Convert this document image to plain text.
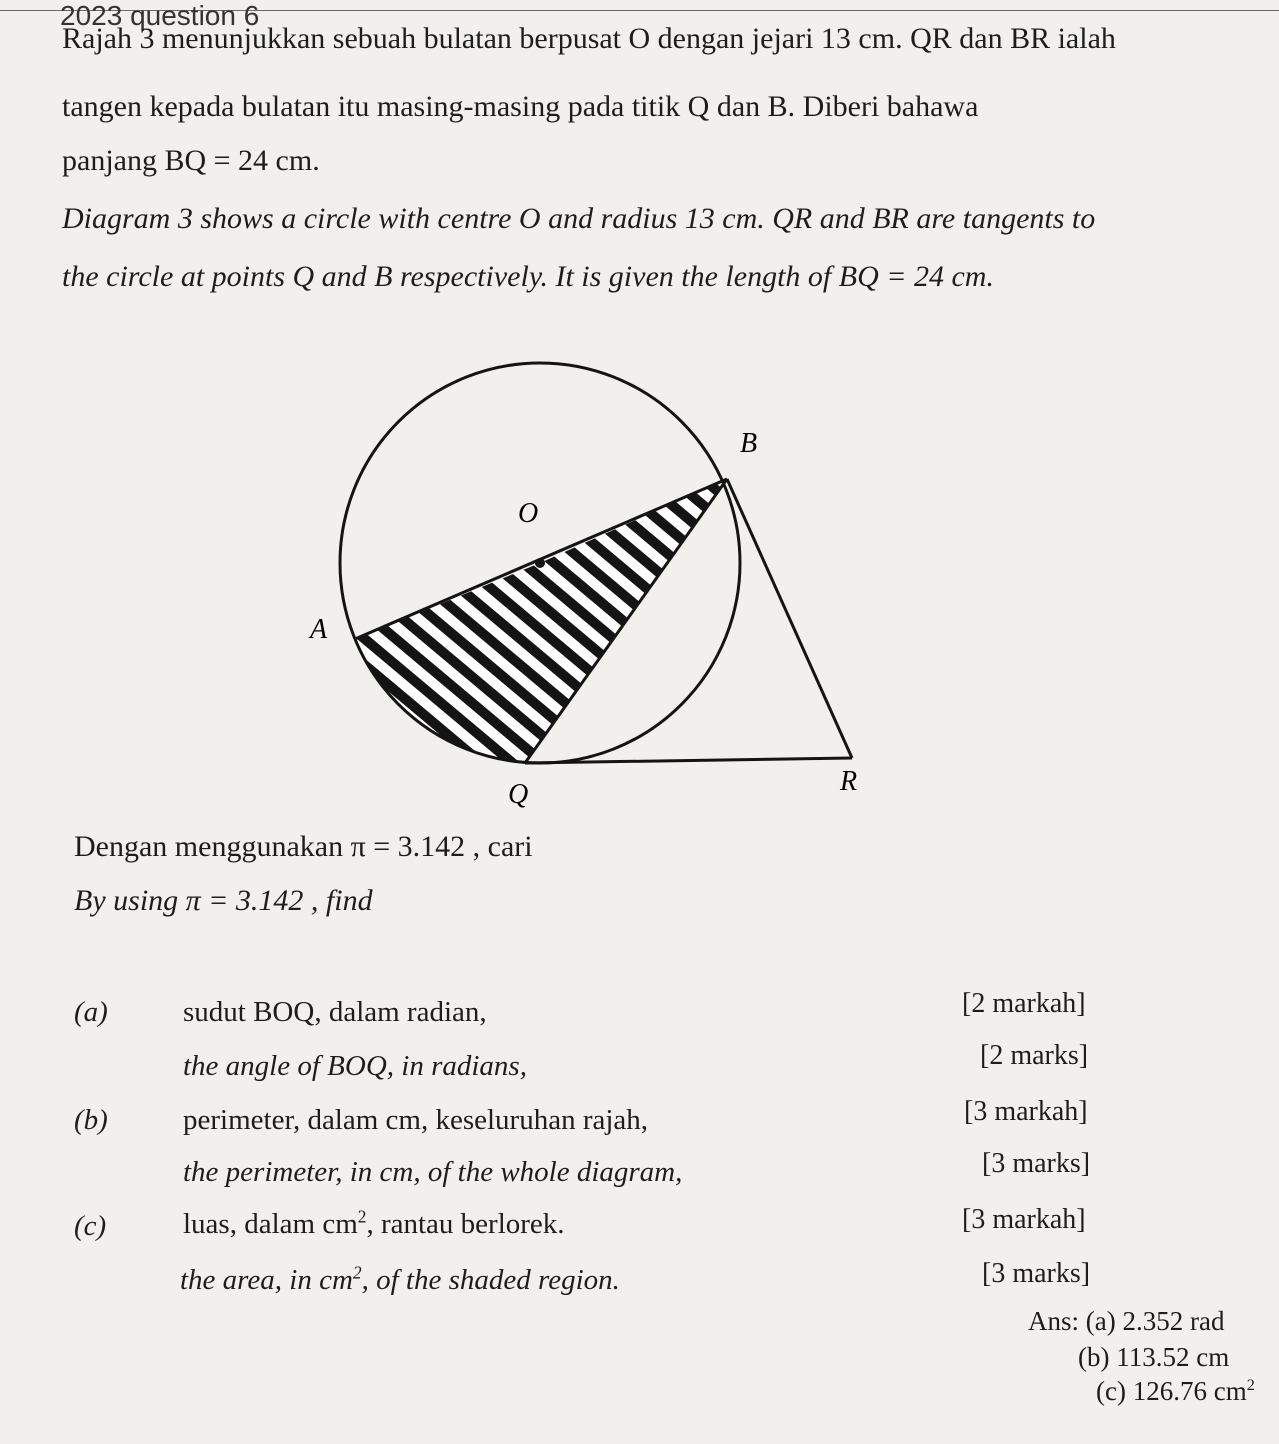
2023 question 6
Rajah 3 menunjukkan sebuah bulatan berpusat O dengan jejari 13 cm. QR dan BR ialah
tangen kepada bulatan itu masing-masing pada titik Q dan B. Diberi bahawa
panjang BQ = 24 cm.
Diagram 3 shows a circle with centre O and radius 13 cm. QR and BR are tangents to
the circle at points Q and B respectively. It is given the length of BQ = 24 cm.
B
O
A
Q	R
Dengan menggunakan π = 3.142 , cari
By using π = 3.142 , find
(a)	sudut BOQ, dalam radian,	[2 markah]
the angle of BOQ, in radians,	[2 marks]
(b)	perimeter, dalam cm, keseluruhan rajah,	[3 markah]
the perimeter, in cm, of the whole diagram,	[3 marks]
(c)	luas, dalam $cm^2$, rantau berlorek.	[3 markah]
the area, in $cm^2$, of the shaded region.	[3 marks]
Ans: (a) 2.352 rad
(b) 113.52 cm
(c) 126.76 $cm^2$
